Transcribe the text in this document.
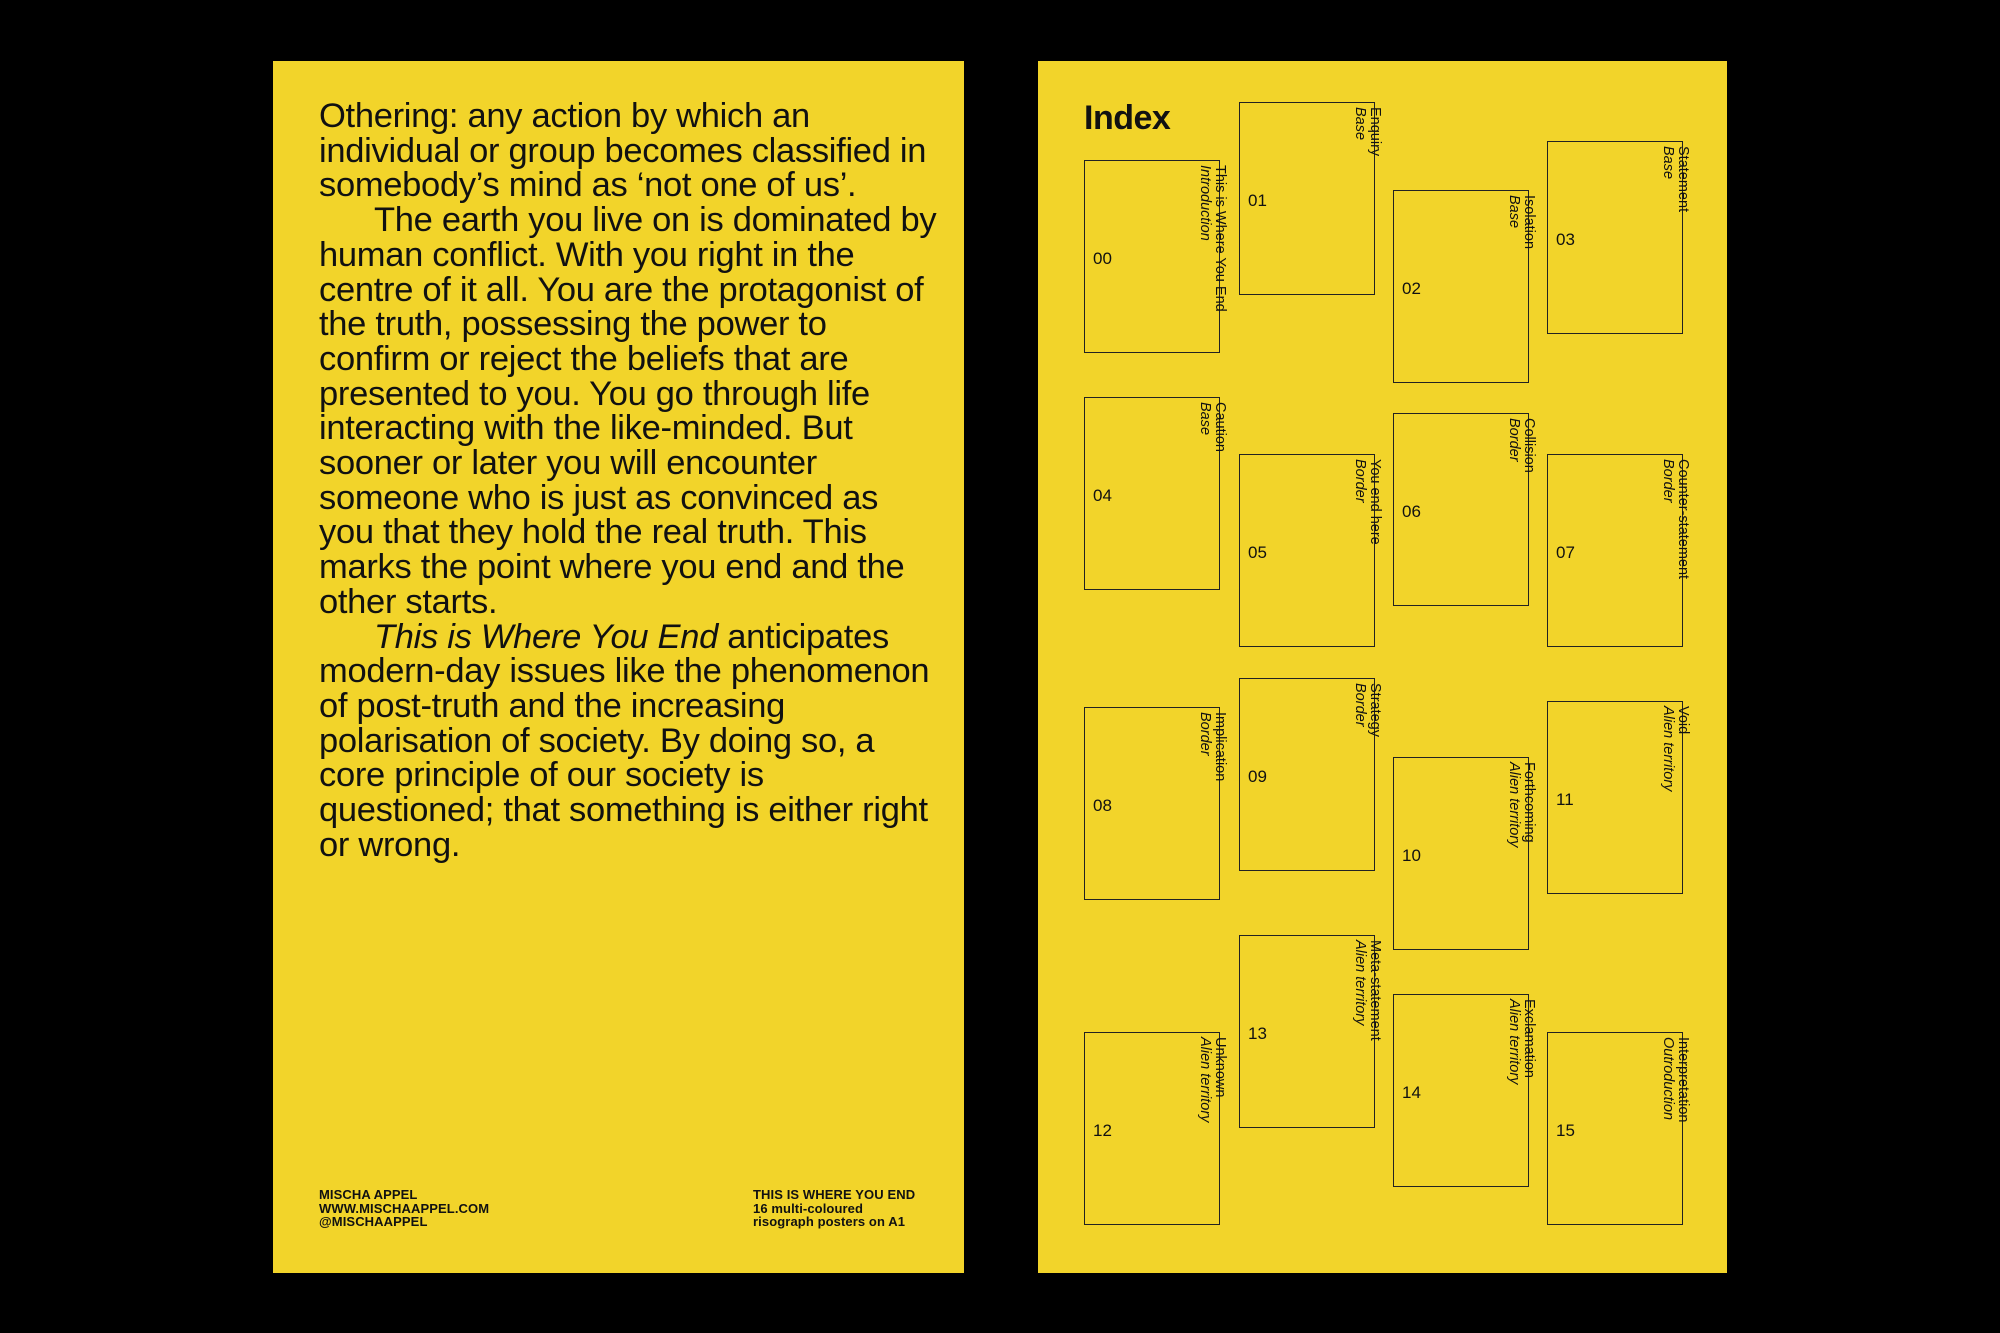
Othering: any action by which an individual or group becomes classified in somebody’s mind as ‘not one of us’.

The earth you live on is dominated by human conflict. With you right in the centre of it all. You are the protagonist of the truth, possessing the power to confirm or reject the beliefs that are presented to you. You go through life interacting with the like-minded. But sooner or later you will encounter someone who is just as convinced as you that they hold the real truth. This marks the point where you end and the other starts.

This is Where You End anticipates modern-day issues like the phenomenon of post-truth and the increasing polarisation of society. By doing so, a core principle of our society is questioned; that something is either right or wrong.

MISCHA APPEL
WWW.MISCHAAPPEL.COM
@MISCHAAPPEL
THIS IS WHERE YOU END
16 multi-coloured
risograph posters on A1
Index
00	This is Where You End
Introduction	01
Enquiry
Base
02
Isolation
Base
03
Statement
Base
04
Caution
Base
05
You end here
Border
06
Collision
Border
07	Counter-statement
Border
08
Implication
Border
09
Strategy
Border
10
Forthcoming
Alien territory	11
Void
Alien territory
12
Unknown
Alien territory
13	Meta-statement
Alien territory
14
Exclamation
Alien territory
15
Interpretation
Outroduction
